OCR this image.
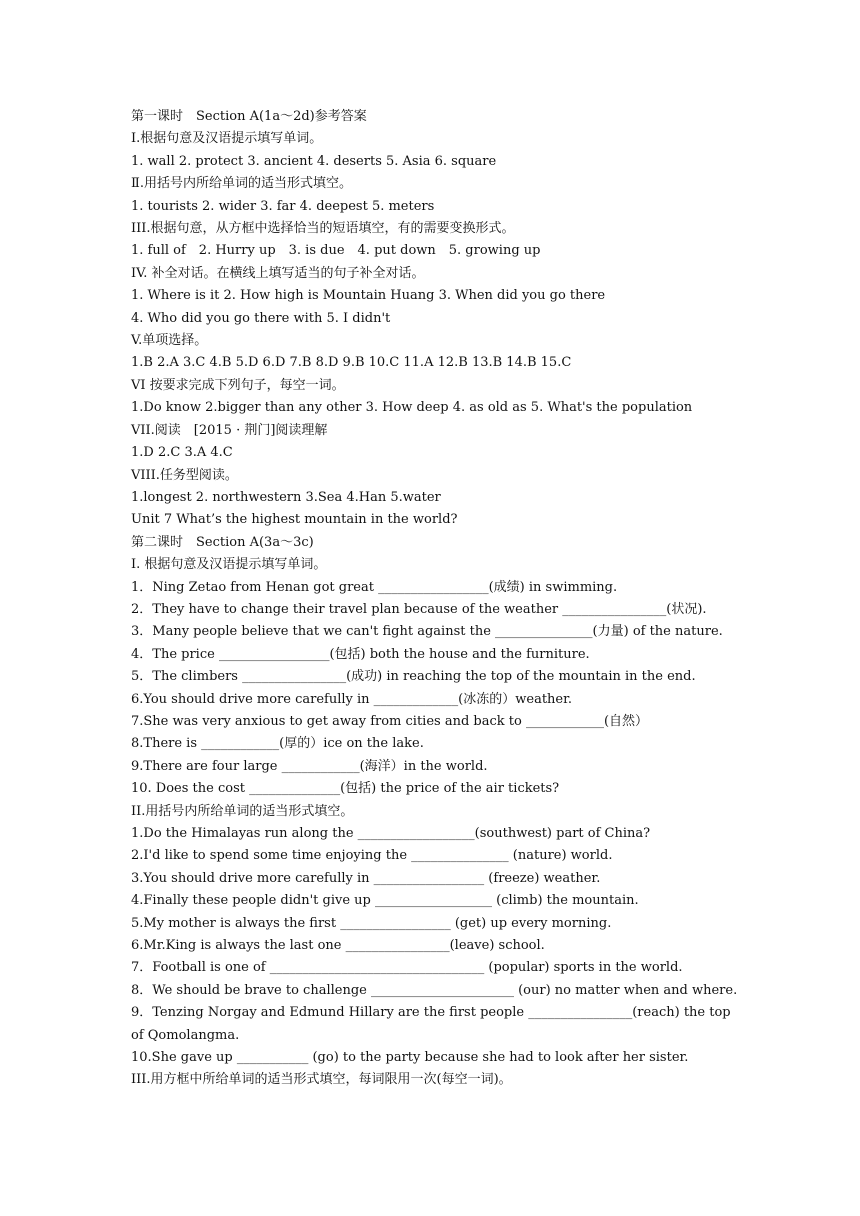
第一课时　Section A(1a～2d)参考答案

Ⅰ.根据句意及汉语提示填写单词。

1. wall 2. protect 3. ancient 4. deserts 5. Asia 6. square

Ⅱ.用括号内所给单词的适当形式填空。

1. tourists 2. wider 3. far 4. deepest 5. meters

III.根据句意，从方框中选择恰当的短语填空，有的需要变换形式。

1. full of　2. Hurry up　3. is due　4. put down　5. growing up

IV. 补全对话。在横线上填写适当的句子补全对话。

1. Where is it 2. How high is Mountain Huang 3. When did you go there

4. Who did you go there with 5. I didn't

V.单项选择。

1.B 2.A 3.C 4.B 5.D 6.D 7.B 8.D 9.B 10.C 11.A 12.B 13.B 14.B 15.C

VI 按要求完成下列句子，每空一词。

1.Do know 2.bigger than any other 3. How deep 4. as old as 5. What's the population

VII.阅读　[2015 · 荆门]阅读理解

1.D 2.C 3.A 4.C

VIII.任务型阅读。

1.longest 2. northwestern 3.Sea 4.Han 5.water

Unit 7 What’s the highest mountain in the world?

第二课时　Section A(3a～3c)

I. 根据句意及汉语提示填写单词。

1．Ning Zetao from Henan got great _________________(成绩) in swimming.

2．They have to change their travel plan because of the weather ________________(状况).

3．Many people believe that we can't fight against the _______________(力量) of the nature.

4．The price _________________(包括) both the house and the furniture.

5．The climbers ________________(成功) in reaching the top of the mountain in the end.

6.You should drive more carefully in _____________(冰冻的）weather.

7.She was very anxious to get away from cities and back to ____________(自然）

8.There is ____________(厚的）ice on the lake.

9.There are four large ____________(海洋）in the world.

10. Does the cost ______________(包括) the price of the air tickets?

II.用括号内所给单词的适当形式填空。

1.Do the Himalayas run along the __________________(southwest) part of China?

2.I'd like to spend some time enjoying the _______________ (nature) world.

3.You should drive more carefully in _________________ (freeze) weather.

4.Finally these people didn't give up __________________ (climb) the mountain.

5.My mother is always the first _________________ (get) up every morning.

6.Mr.King is always the last one ________________(leave) school.

7．Football is one of _________________________________ (popular) sports in the world.

8．We should be brave to challenge ______________________ (our) no matter when and where.

9．Tenzing Norgay and Edmund Hillary are the first people ________________(reach) the top of Qomolangma.

10.She gave up ___________ (go) to the party because she had to look after her sister.

III.用方框中所给单词的适当形式填空，每词限用一次(每空一词)。
